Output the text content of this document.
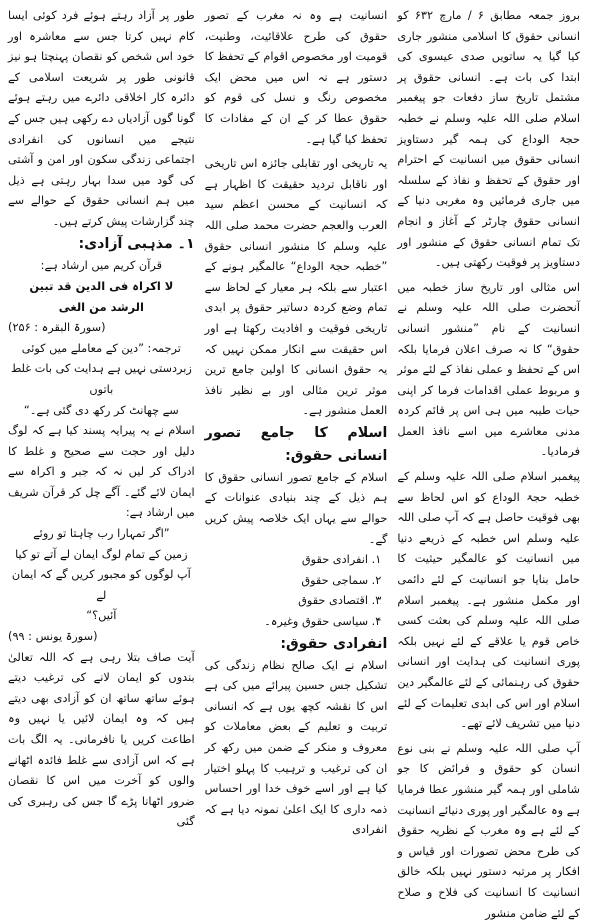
بروز جمعہ مطابق ۶ / مارچ ۶۳۲ کو انسانی حقوق کا اسلامی منشور جاری کیا گیا یہ ساتویں صدی عیسوی کی ابتدا کی بات ہے۔ انسانی حقوق پر مشتمل تاریخ ساز دفعات جو پیغمبر اسلام صلی اللہ علیہ وسلم نے خطبہ حجۃ الوداع کی ہمہ گیر دستاویز انسانی حقوق میں انسانیت کے احترام اور حقوق کے تحفظ و نفاذ کے سلسلہ میں جاری فرمائیں وہ مغربی دنیا کے انسانی حقوق چارٹر کے آغاز و انجام تک تمام انسانی حقوق کے منشور اور دستاویز پر فوقیت رکھتی ہیں۔

اس مثالی اور تاریخ ساز خطبہ میں آنحضرت صلی اللہ علیہ وسلم نے انسانیت کے نام ”منشور انسانی حقوق“ کا نہ صرف اعلان فرمایا بلکہ اس کے تحفظ و عملی نفاذ کے لئے موثر و مربوط عملی اقدامات فرما کر اپنی حیات طیبہ میں ہی اس پر قائم کردہ مدنی معاشرے میں اسے نافذ العمل فرمادیا۔

پیغمبر اسلام صلی اللہ علیہ وسلم کے خطبہ حجۃ الوداع کو اس لحاظ سے بھی فوقیت حاصل ہے کہ آپ صلی اللہ علیہ وسلم اس خطبہ کے ذریعے دنیا میں انسانیت کو عالمگیر حیثیت کا حامل بنایا جو انسانیت کے لئے دائمی اور مکمل منشور ہے۔ پیغمبر اسلام صلی اللہ علیہ وسلم کی بعثت کسی خاص قوم یا علاقے کے لئے نہیں بلکہ پوری انسانیت کی ہدایت اور انسانی حقوق کی رہنمائی کے لئے عالمگیر دین اسلام اور اس کی ابدی تعلیمات کے لئے دنیا میں تشریف لائے تھے۔

آپ صلی اللہ علیہ وسلم نے بنی نوع انسان کو حقوق و فرائض کا جو شاملی اور ہمہ گیر منشور عطا فرمایا ہے وہ عالمگیر اور پوری دنیائے انسانیت کے لئے ہے وہ مغرب کے نظریہ حقوق کی طرح محض تصورات اور قیاس و افکار پر مرتبہ دستور نہیں بلکہ خالق انسانیت کا انسانیت کی فلاح و صلاح کے لئے ضامن منشور

انسانیت ہے وہ نہ مغرب کے تصور حقوق کی طرح علاقائیت، وطنیت، قومیت اور مخصوص اقوام کے تحفظ کا دستور ہے نہ اس میں محض ایک مخصوص رنگ و نسل کی قوم کو حقوق عطا کر کے ان کے مفادات کا تحفظ کیا گیا ہے۔

یہ تاریخی اور تقابلی جائزہ اس تاریخی اور ناقابل تردید حقیقت کا اظہار ہے کہ انسانیت کے محسن اعظم سید العرب والعجم حضرت محمد صلی اللہ علیہ وسلم کا منشور انسانی حقوق ”خطبہ حجۃ الوداع“ عالمگیر ہونے کے اعتبار سے بلکہ ہر معیار کے لحاظ سے تمام وضع کردہ دساتیر حقوق پر ابدی تاریخی فوقیت و افادیت رکھتا ہے اور اس حقیقت سے انکار ممکن نہیں کہ یہ حقوق انسانی کا اولین جامع ترین موثر ترین مثالی اور بے نظیر نافذ العمل منشور ہے۔

اسلام کا جامع تصور انسانی حقوق:

اسلام کے جامع تصور انسانی حقوق کا ہم ذیل کے چند بنیادی عنوانات کے حوالے سے یہاں ایک خلاصہ پیش کریں گے۔

۱. انفرادی حقوق

۲. سماجی حقوق

۳. اقتصادی حقوق

۴. سیاسی حقوق وغیرہ۔

انفرادی حقوق:

اسلام نے ایک صالح نظام زندگی کی تشکیل جس حسین پیرائے میں کی ہے اس کا نقشہ کچھ یوں ہے کہ انسانی تربیت و تعلیم کے بعض معاملات کو معروف و منکر کے ضمن میں رکھ کر ان کی ترغیب و ترہیب کا پہلو اختیار کیا ہے اور اسے خوف خدا اور احساس ذمہ داری کا ایک اعلیٰ نمونہ دیا ہے کہ انفرادی

طور پر آزاد رہتے ہوئے فرد کوئی ایسا کام نہیں کرتا جس سے معاشرہ اور خود اس شخص کو نقصان پہنچتا ہو نیز قانونی طور پر شریعت اسلامی کے دائرہ کار اخلاقی دائرے میں رہتے ہوئے گونا گوں آزادیاں دے رکھی ہیں جس کے نتیجے میں انسانوں کی انفرادی اجتماعی زندگی سکون اور امن و آشتی کی گود میں سدا بہار رہتی ہے ذیل میں ہم انسانی حقوق کے حوالے سے چند گزارشات پیش کرتے ہیں۔

۱۔ مذہبی آزادی:

قرآن کریم میں ارشاد ہے:

لا اکراہ فی الدین قد تبین

الرشد من الغی

(سورۃ البقرہ : ۲۵۶)

ترجمہ: ”دین کے معاملے میں کوئی

زبردستی نہیں ہے ہدایت کی بات غلط باتوں

سے چھانٹ کر رکھ دی گئی ہے۔“

اسلام نے یہ پیرایہ پسند کیا ہے کہ لوگ دلیل اور حجت سے صحیح و غلط کا ادراک کر لیں نہ کہ جبر و اکراہ سے ایمان لائے گئے۔ آگے چل کر قرآن شریف میں ارشاد ہے:

”اگر تمہارا رب چاہتا تو روئے

زمین کے تمام لوگ ایمان لے آتے تو کیا

آپ لوگوں کو مجبور کریں گے کہ ایمان لے

آئیں؟“

(سورۃ یونس : ۹۹)

آیت صاف بتلا رہی ہے کہ اللہ تعالیٰ بندوں کو ایمان لانے کی ترغیب دیتے ہوئے ساتھ ساتھ ان کو آزادی بھی دیتے ہیں کہ وہ ایمان لائیں یا نہیں وہ اطاعت کریں یا نافرمانی۔ یہ الگ بات ہے کہ اس آزادی سے غلط فائدہ اٹھانے والوں کو آخرت میں اس کا نقصان ضرور اٹھانا پڑے گا جس کی رہبری کی گئی
